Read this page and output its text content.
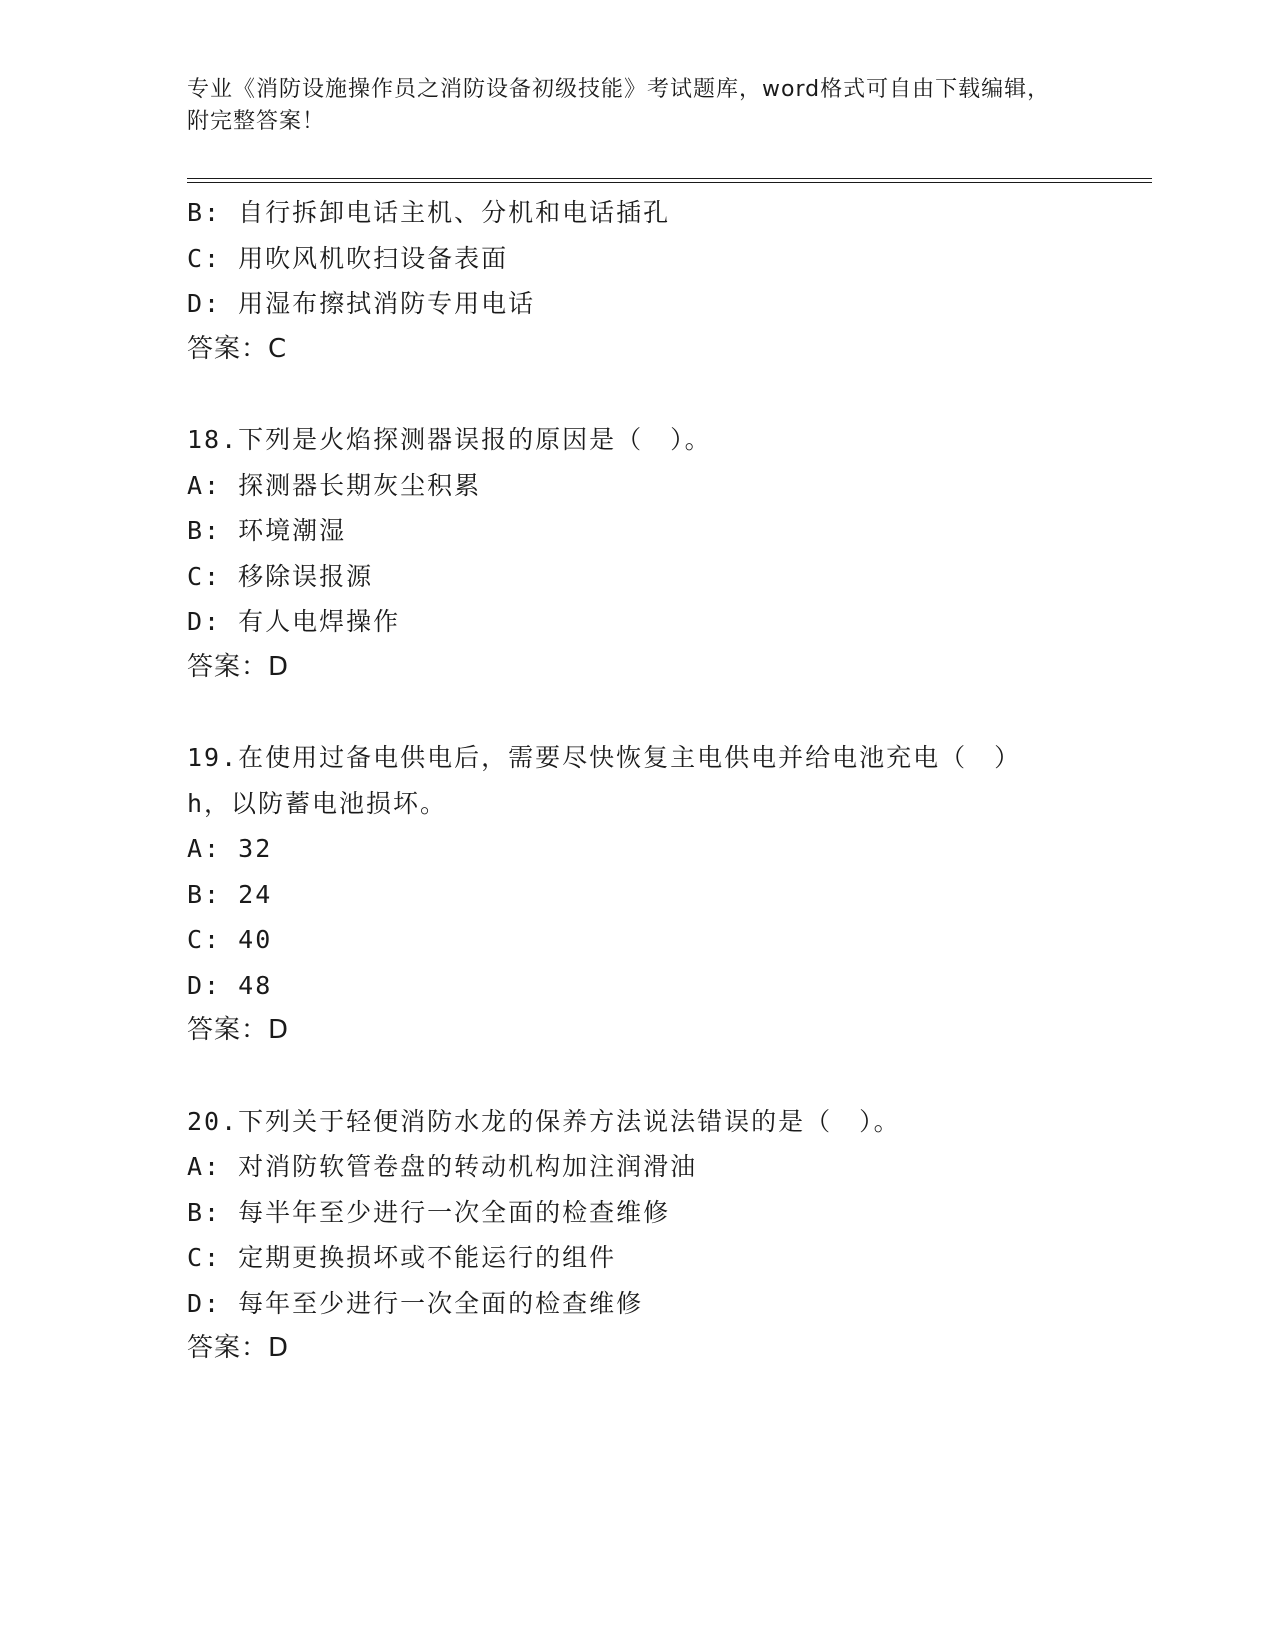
专业《消防设施操作员之消防设备初级技能》考试题库，word格式可自由下载编辑，附完整答案！
B: 自行拆卸电话主机、分机和电话插孔
C: 用吹风机吹扫设备表面
D: 用湿布擦拭消防专用电话
答案：C
18.下列是火焰探测器误报的原因是（　）。
A: 探测器长期灰尘积累
B: 环境潮湿
C: 移除误报源
D: 有人电焊操作
答案：D
19.在使用过备电供电后，需要尽快恢复主电供电并给电池充电（　）
h，以防蓄电池损坏。
A: 32
B: 24
C: 40
D: 48
答案：D
20.下列关于轻便消防水龙的保养方法说法错误的是（　）。
A: 对消防软管卷盘的转动机构加注润滑油
B: 每半年至少进行一次全面的检查维修
C: 定期更换损坏或不能运行的组件
D: 每年至少进行一次全面的检查维修
答案：D
